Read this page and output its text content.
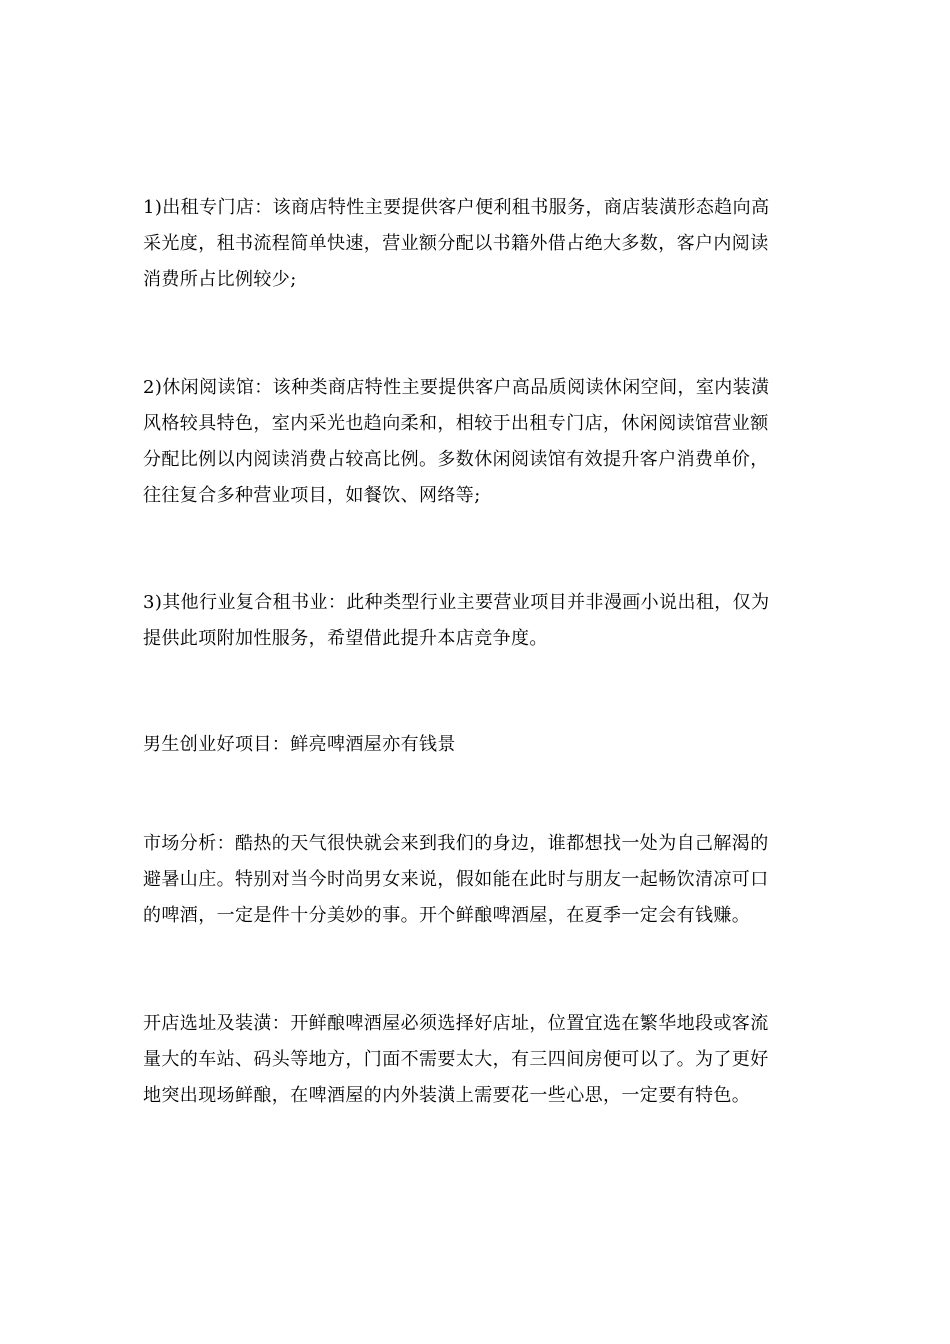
1)出租专门店：该商店特性主要提供客户便利租书服务，商店装潢形态趋向高
采光度，租书流程简单快速，营业额分配以书籍外借占绝大多数，客户内阅读
消费所占比例较少;

2)休闲阅读馆：该种类商店特性主要提供客户高品质阅读休闲空间，室内装潢
风格较具特色，室内采光也趋向柔和，相较于出租专门店，休闲阅读馆营业额
分配比例以内阅读消费占较高比例。多数休闲阅读馆有效提升客户消费单价，
往往复合多种营业项目，如餐饮、网络等;

3)其他行业复合租书业：此种类型行业主要营业项目并非漫画小说出租，仅为
提供此项附加性服务，希望借此提升本店竞争度。

男生创业好项目：鲜亮啤酒屋亦有钱景

市场分析：酷热的天气很快就会来到我们的身边，谁都想找一处为自己解渴的
避暑山庄。特别对当今时尚男女来说，假如能在此时与朋友一起畅饮清凉可口
的啤酒，一定是件十分美妙的事。开个鲜酿啤酒屋，在夏季一定会有钱赚。

开店选址及装潢：开鲜酿啤酒屋必须选择好店址，位置宜选在繁华地段或客流
量大的车站、码头等地方，门面不需要太大，有三四间房便可以了。为了更好
地突出现场鲜酿，在啤酒屋的内外装潢上需要花一些心思，一定要有特色。
